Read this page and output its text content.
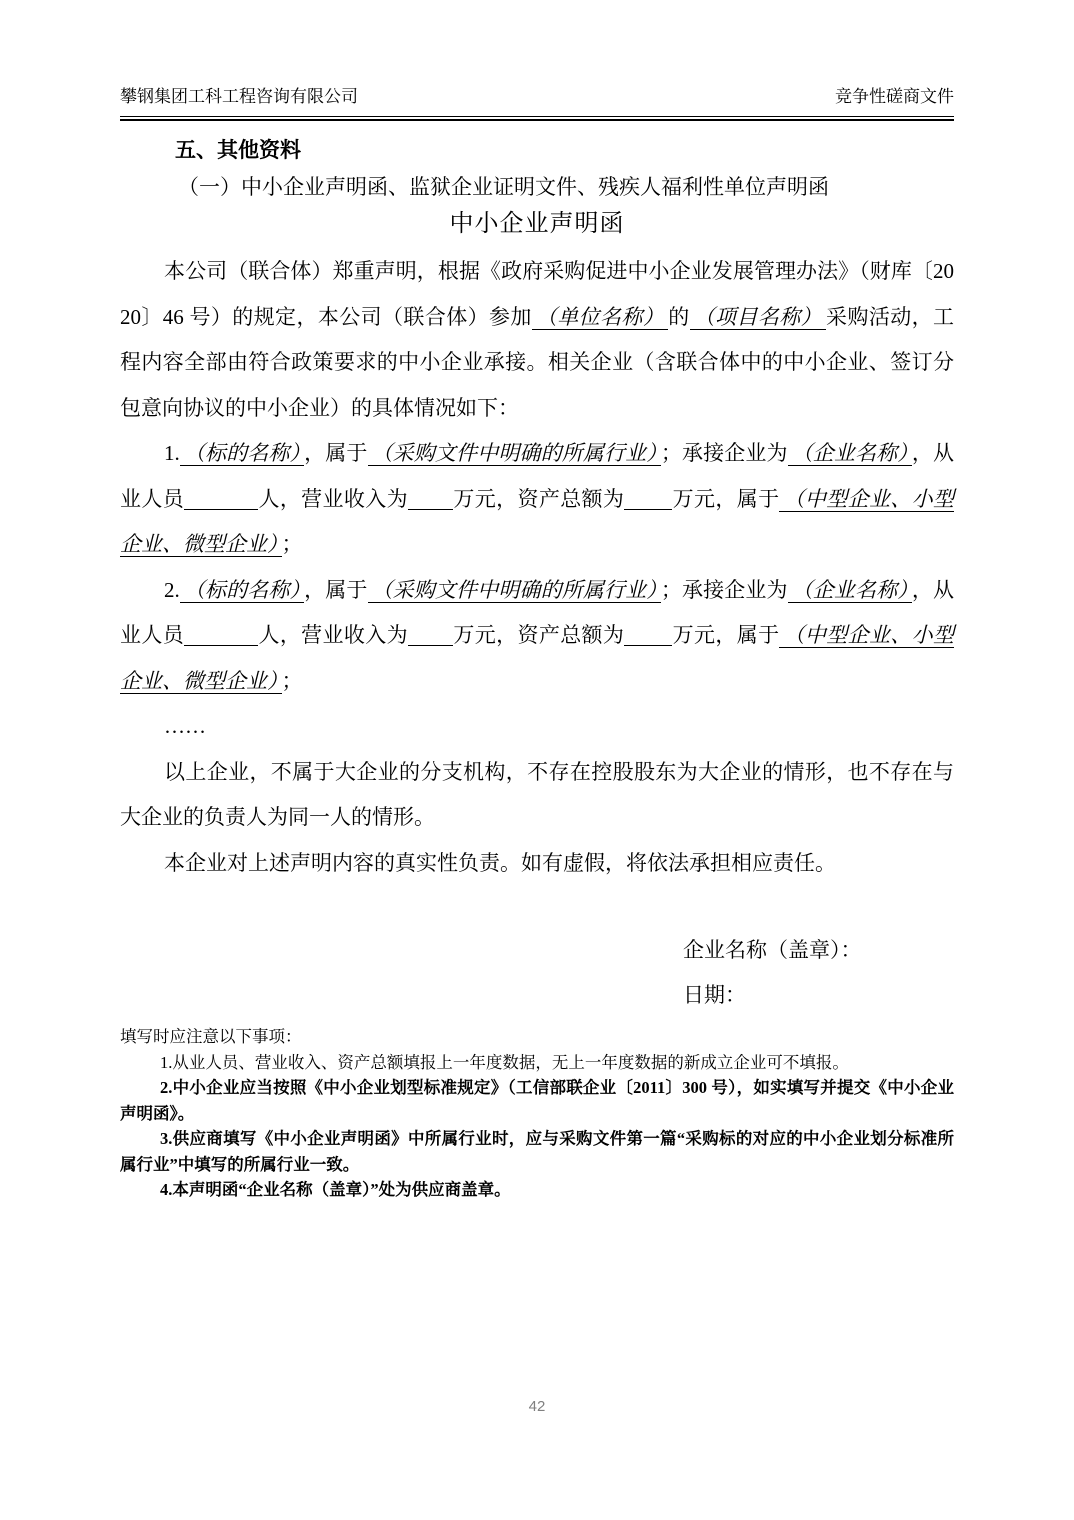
攀钢集团工科工程咨询有限公司	竞争性磋商文件
五、其他资料
（一）中小企业声明函、监狱企业证明文件、残疾人福利性单位声明函
中小企业声明函

本公司（联合体）郑重声明，根据《政府采购促进中小企业发展管理办法》（财库〔2020〕46 号）的规定，本公司（联合体）参加 （单位名称） 的 （项目名称） 采购活动，工程内容全部由符合政策要求的中小企业承接。相关企业（含联合体中的中小企业、签订分包意向协议的中小企业）的具体情况如下：

1. （标的名称） ，属于 （采购文件中明确的所属行业） ；承接企业为 （企业名称） ，从业人员	人，营业收入为 万元，资产总额为 万元，属于 （中型企业、小型企业、微型企业） ；

2. （标的名称） ，属于 （采购文件中明确的所属行业） ；承接企业为 （企业名称） ，从业人员	人，营业收入为 万元，资产总额为 万元，属于 （中型企业、小型企业、微型企业） ；

……

以上企业，不属于大企业的分支机构，不存在控股股东为大企业的情形，也不存在与大企业的负责人为同一人的情形。

本企业对上述声明内容的真实性负责。如有虚假，将依法承担相应责任。

企业名称（盖章）：
日期：

填写时应注意以下事项：

1.从业人员、营业收入、资产总额填报上一年度数据，无上一年度数据的新成立企业可不填报。

2.中小企业应当按照《中小企业划型标准规定》（工信部联企业〔2011〕300 号），如实填写并提交《中小企业声明函》。

3.供应商填写《中小企业声明函》中所属行业时，应与采购文件第一篇“采购标的对应的中小企业划分标准所属行业”中填写的所属行业一致。

4.本声明函“企业名称（盖章）”处为供应商盖章。

42
